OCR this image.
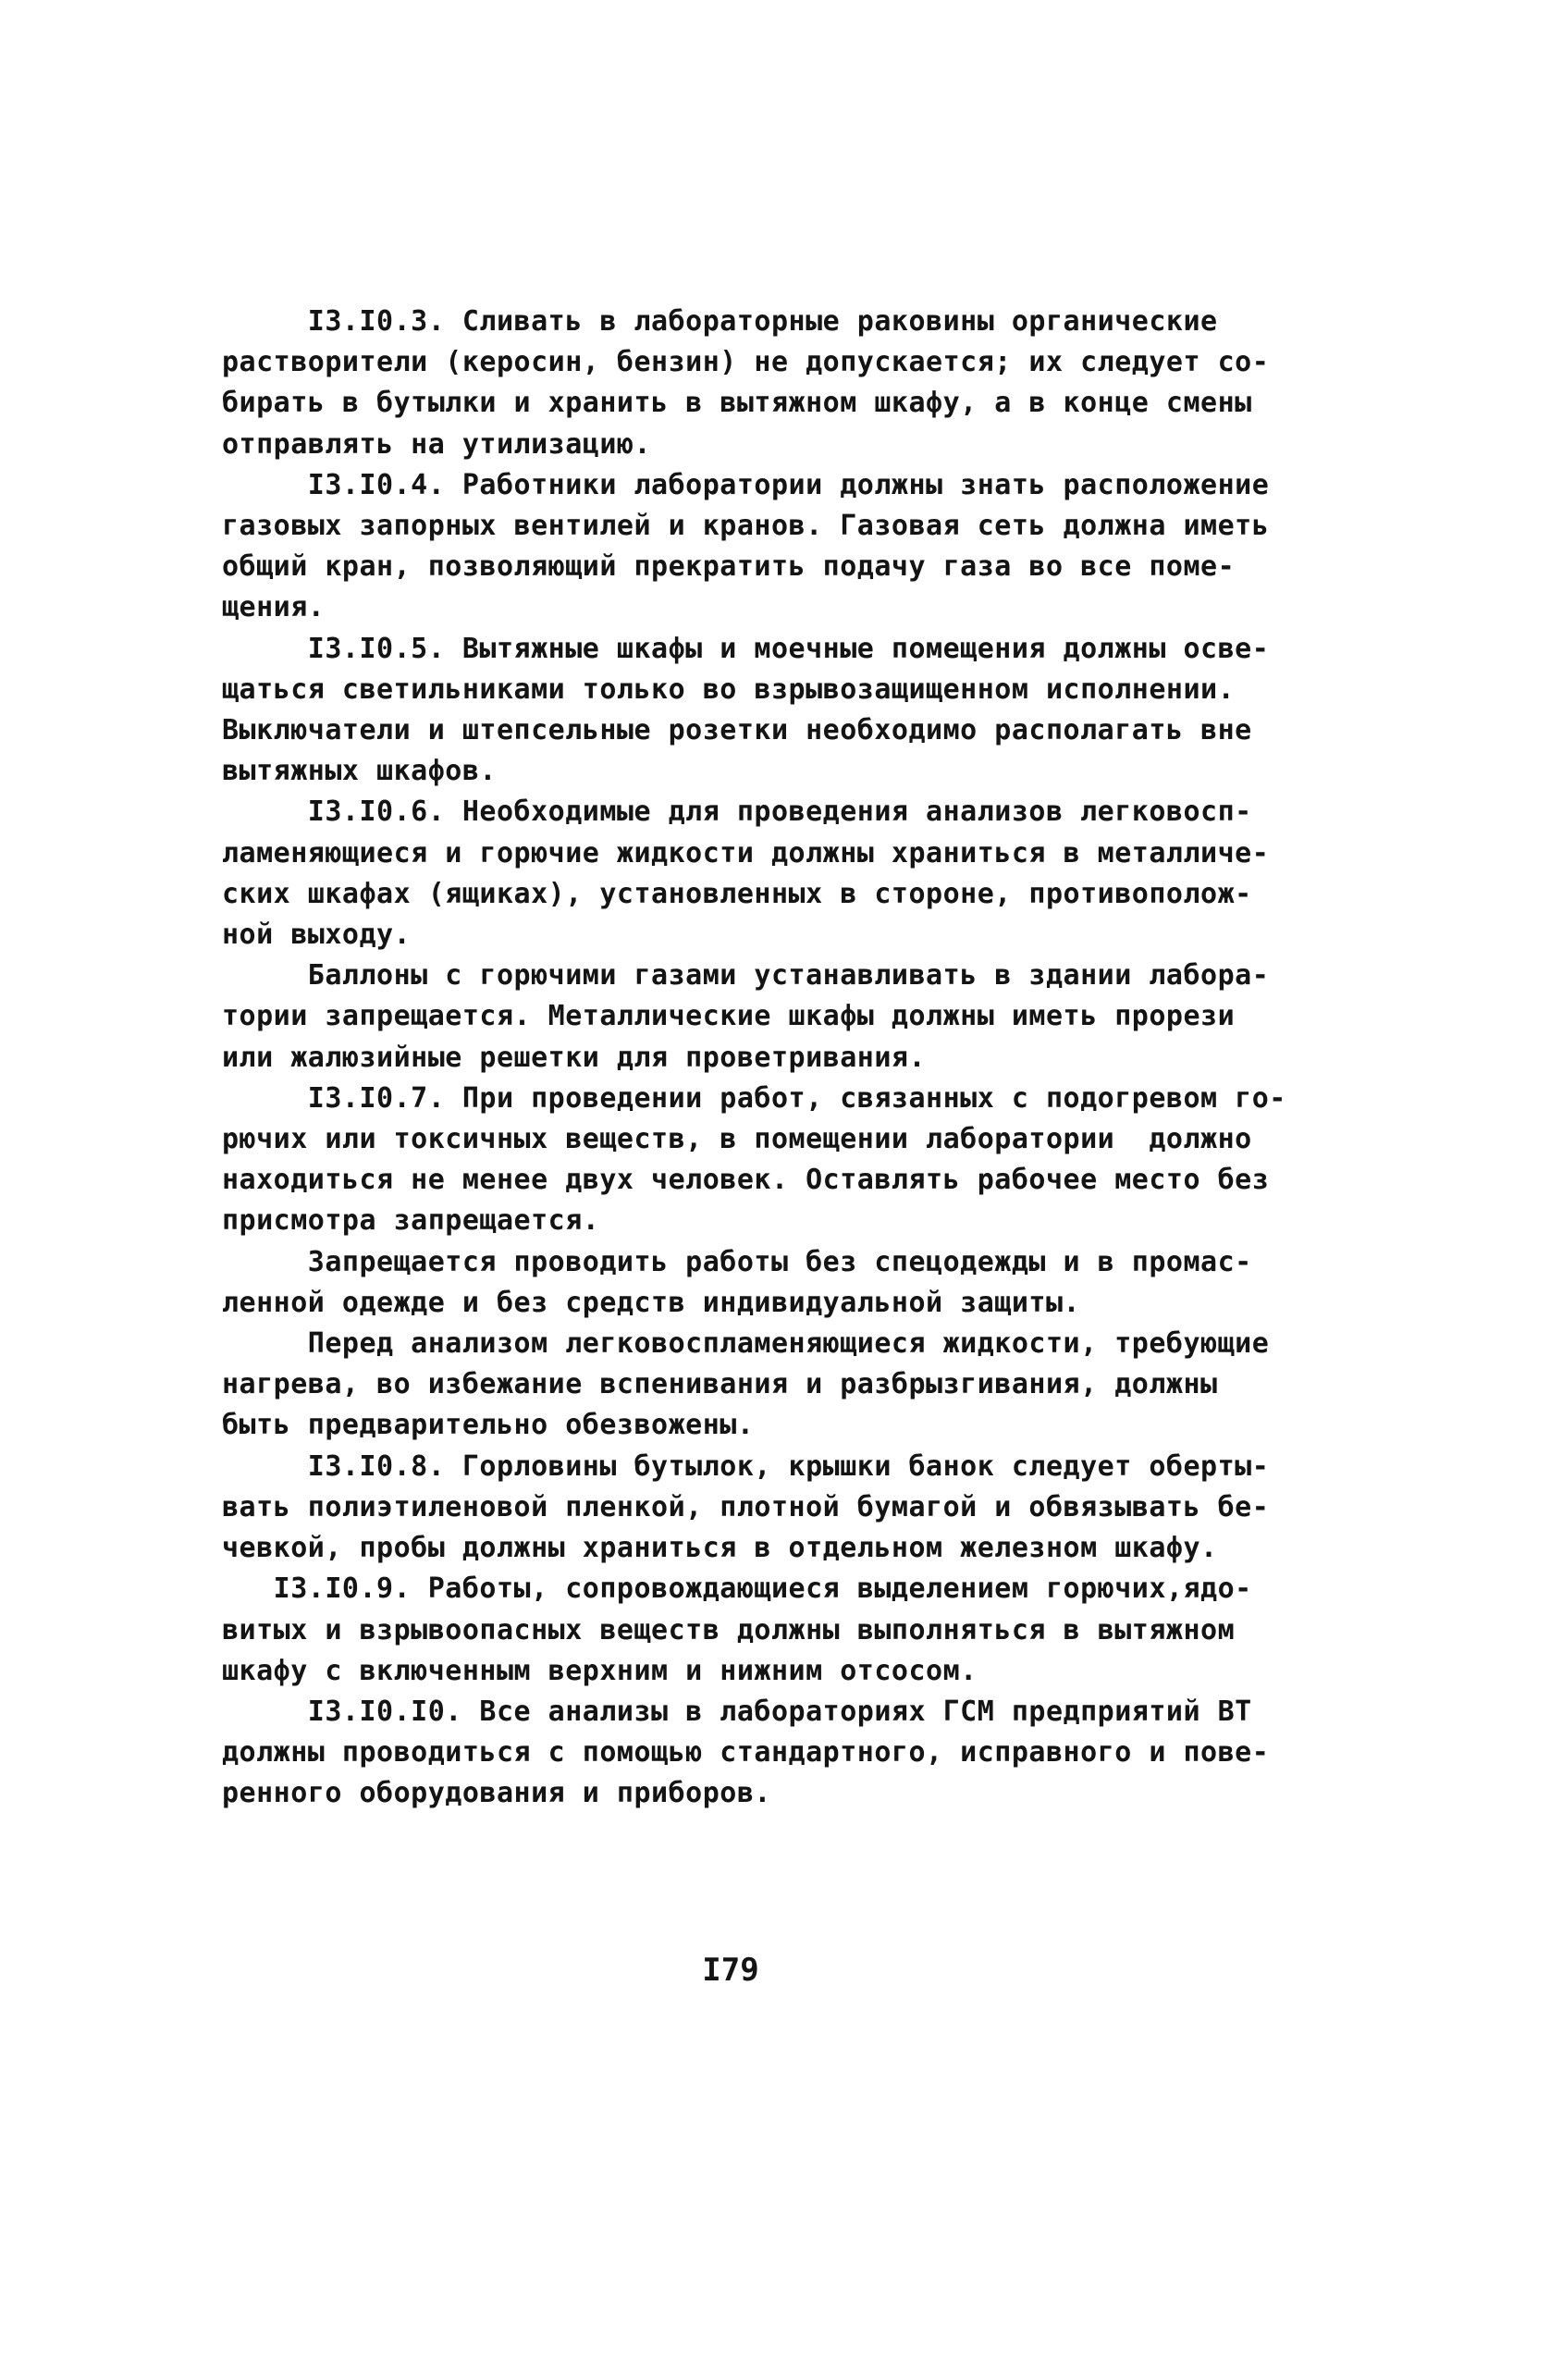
I3.I0.3. Сливать в лабораторные раковины органические
растворители (керосин, бензин) не допускается; их следует со-
бирать в бутылки и хранить в вытяжном шкафу, а в конце смены
отправлять на утилизацию.
I3.I0.4. Работники лаборатории должны знать расположение
газовых запорных вентилей и кранов. Газовая сеть должна иметь
общий кран, позволяющий прекратить подачу газа во все поме-
щения.
I3.I0.5. Вытяжные шкафы и моечные помещения должны осве-
щаться светильниками только во взрывозащищенном исполнении.
Выключатели и штепсельные розетки необходимо располагать вне
вытяжных шкафов.
I3.I0.6. Необходимые для проведения анализов легковосп-
ламеняющиеся и горючие жидкости должны храниться в металличе-
ских шкафах (ящиках), установленных в стороне, противополож-
ной выходу.
Баллоны с горючими газами устанавливать в здании лабора-
тории запрещается. Металлические шкафы должны иметь прорези
или жалюзийные решетки для проветривания.
I3.I0.7. При проведении работ, связанных с подогревом го-
рючих или токсичных веществ, в помещении лаборатории  должно
находиться не менее двух человек. Оставлять рабочее место без
присмотра запрещается.
Запрещается проводить работы без спецодежды и в промас-
ленной одежде и без средств индивидуальной защиты.
Перед анализом легковоспламеняющиеся жидкости, требующие
нагрева, во избежание вспенивания и разбрызгивания, должны
быть предварительно обезвожены.
I3.I0.8. Горловины бутылок, крышки банок следует оберты-
вать полиэтиленовой пленкой, плотной бумагой и обвязывать бе-
чевкой, пробы должны храниться в отдельном железном шкафу.
I3.I0.9. Работы, сопровождающиеся выделением горючих,ядо-
витых и взрывоопасных веществ должны выполняться в вытяжном
шкафу с включенным верхним и нижним отсосом.
I3.I0.I0. Все анализы в лабораториях ГСМ предприятий ВТ
должны проводиться с помощью стандартного, исправного и пове-
ренного оборудования и приборов.
I79
